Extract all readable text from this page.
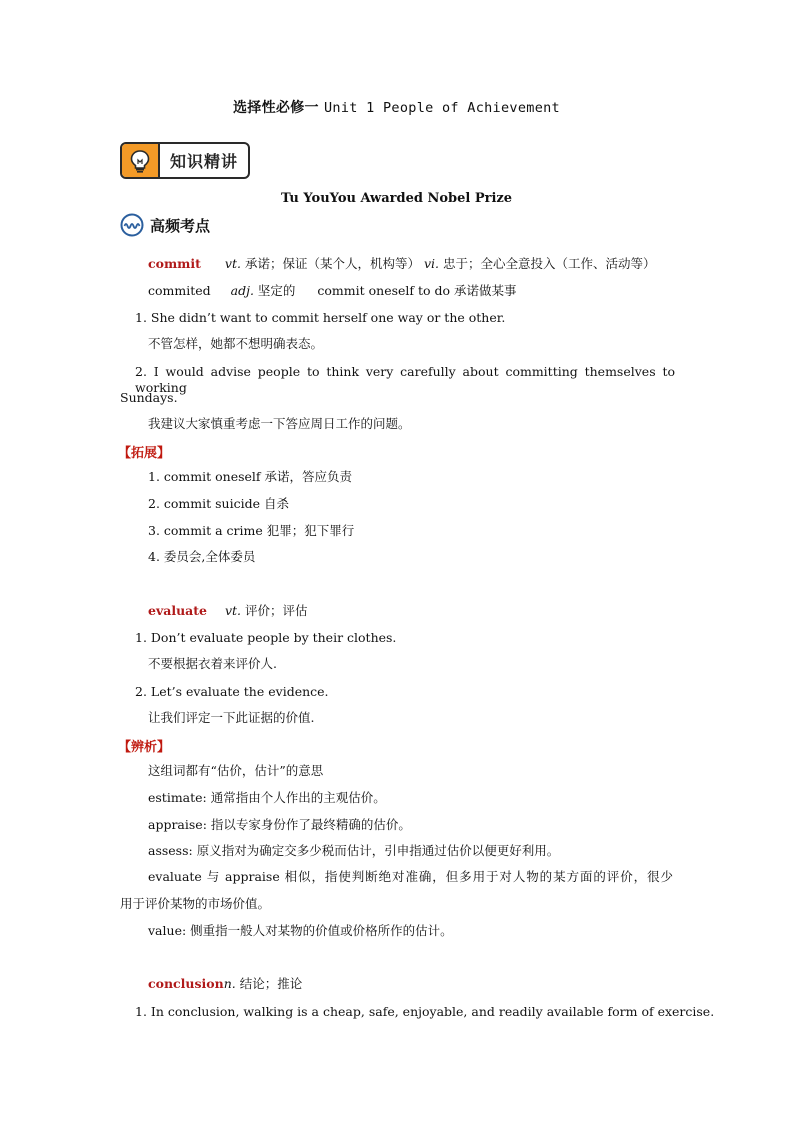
选择性必修一 Unit 1 People of Achievement
知识精讲
Tu YouYou Awarded Nobel Prize
高频考点
commit vt. 承诺；保证（某个人，机构等） vi. 忠于；全心全意投入（工作、活动等）
commited adj. 坚定的 commit oneself to do 承诺做某事
1. She didn’t want to commit herself one way or the other.
不管怎样，她都不想明确表态。
2. I would advise people to think very carefully about committing themselves to working
Sundays.
我建议大家慎重考虑一下答应周日工作的问题。
【拓展】
1. commit oneself 承诺，答应负责
2. commit suicide 自杀
3. commit a crime 犯罪；犯下罪行
4. 委员会,全体委员
evaluate vt. 评价；评估
1. Don’t evaluate people by their clothes.
不要根据衣着来评价人.
2. Let’s evaluate the evidence.
让我们评定一下此证据的价值.
【辨析】
这组词都有“估价，估计”的意思
estimate: 通常指由个人作出的主观估价。
appraise: 指以专家身份作了最终精确的估价。
assess: 原义指对为确定交多少税而估计，引申指通过估价以便更好利用。
evaluate 与 appraise 相似，指使判断绝对准确，但多用于对人物的某方面的评价，很少
用于评价某物的市场价值。
value: 侧重指一般人对某物的价值或价格所作的估计。
conclusionn. 结论；推论
1. In conclusion, walking is a cheap, safe, enjoyable, and readily available form of exercise.
